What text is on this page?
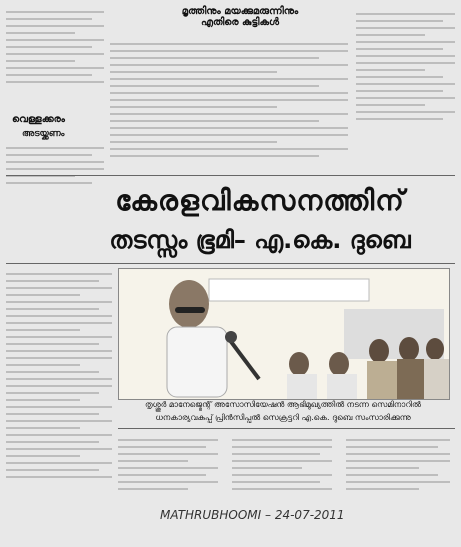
മൃത്തിനും മയക്കുമരുന്നിനും
എതിരെ കുട്ടികൾ
വെള്ളക്കരം
അടയ്ക്കണം
കേരളവികസനത്തിന്
തടസ്സം ഭൂമി– എ.കെ. ദുബെ
തൃശ്ശൂർ മാനേജ്മെന്റ് അസോസിയേഷൻ ആഭിമുഖ്യത്തിൽ നടന്ന സെമിനാറിൽ
ധനകാര്യവകുപ്പ് പ്രിൻസിപ്പൽ സെക്രട്ടറി എ.കെ. ദുബെ സംസാരിക്കുന്നു
MATHRUBHOOMI – 24-07-2011
